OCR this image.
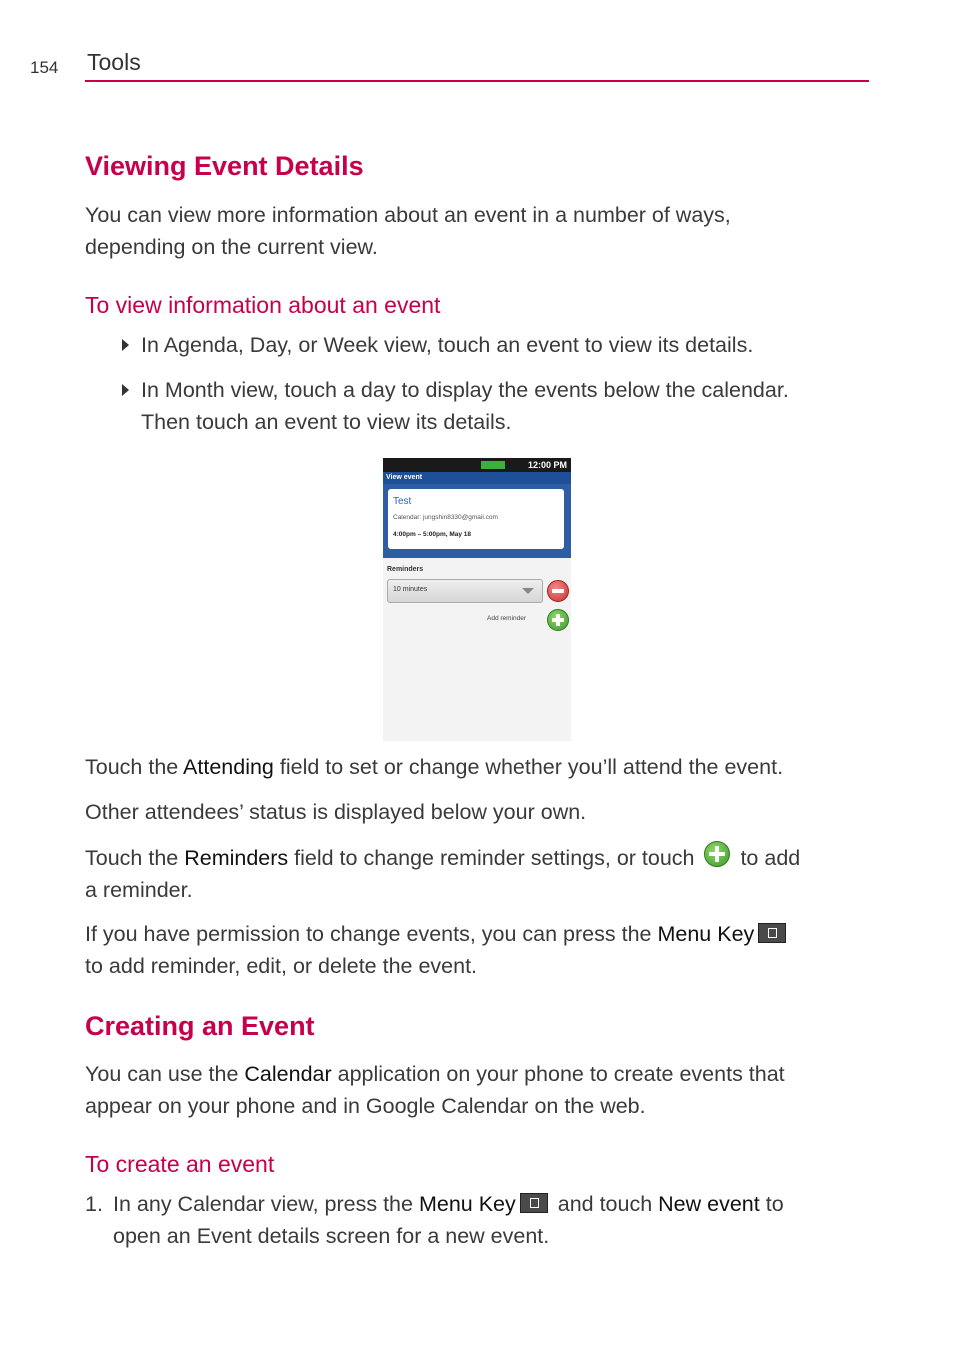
154 Tools
Viewing Event Details
You can view more information about an event in a number of ways,
depending on the current view.
To view information about an event
In Agenda, Day, or Week view, touch an event to view its details.
In Month view, touch a day to display the events below the calendar.
Then touch an event to view its details.
12:00 PM
View event
Test
Calendar: jungshin8330@gmail.com
4:00pm – 5:00pm, May 18
Reminders
10 minutes
Add reminder
Touch the Attending field to set or change whether you’ll attend the event.
Other attendees’ status is displayed below your own.
Touch the Reminders field to change reminder settings, or touch  to add
a reminder.
If you have permission to change events, you can press the Menu Key
to add reminder, edit, or delete the event.
Creating an Event
You can use the Calendar application on your phone to create events that
appear on your phone and in Google Calendar on the web.
To create an event
1. In any Calendar view, press the Menu Key and touch New event to
open an Event details screen for a new event.
